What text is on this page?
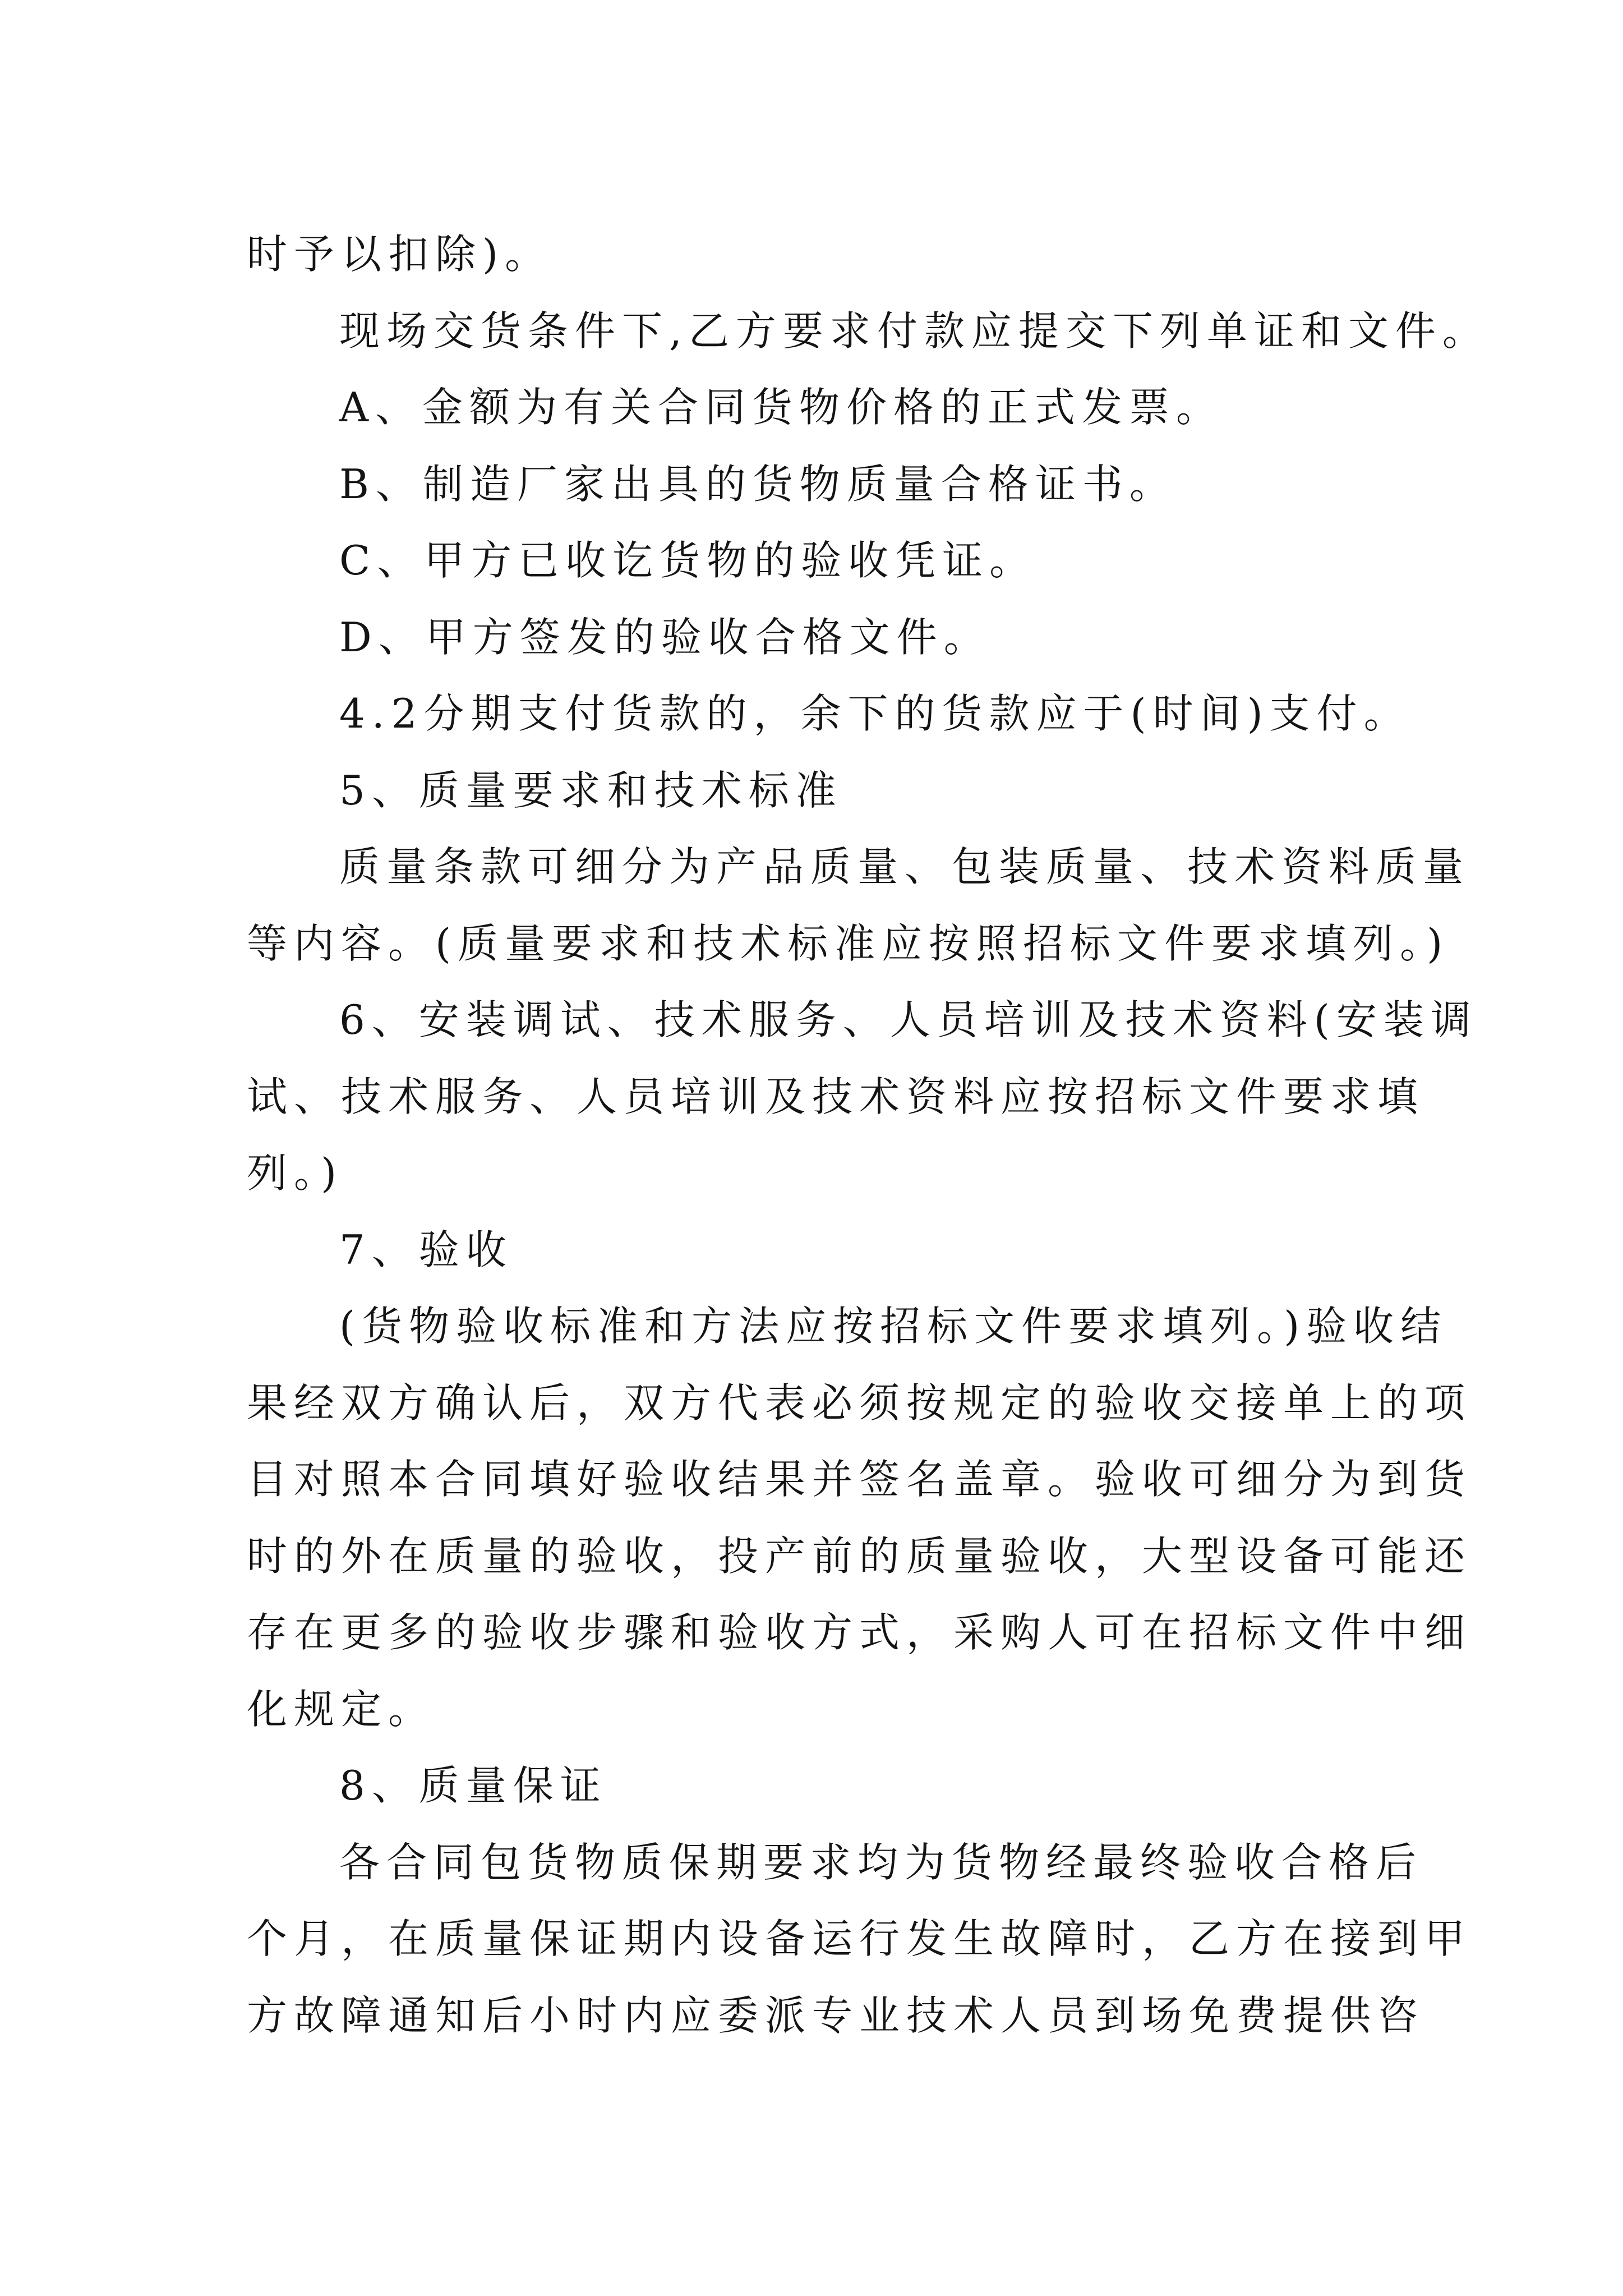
时予以扣除)。
现场交货条件下,乙方要求付款应提交下列单证和文件。
A、金额为有关合同货物价格的正式发票。
B、制造厂家出具的货物质量合格证书。
C、甲方已收讫货物的验收凭证。
D、甲方签发的验收合格文件。
4.2分期支付货款的，余下的货款应于(时间)支付。
5、质量要求和技术标准
质量条款可细分为产品质量、包装质量、技术资料质量
等内容。(质量要求和技术标准应按照招标文件要求填列。)
6、安装调试、技术服务、人员培训及技术资料(安装调
试、技术服务、人员培训及技术资料应按招标文件要求填
列。)
7、验收
(货物验收标准和方法应按招标文件要求填列。)验收结
果经双方确认后，双方代表必须按规定的验收交接单上的项
目对照本合同填好验收结果并签名盖章。验收可细分为到货
时的外在质量的验收，投产前的质量验收，大型设备可能还
存在更多的验收步骤和验收方式，采购人可在招标文件中细
化规定。
8、质量保证
各合同包货物质保期要求均为货物经最终验收合格后
个月，在质量保证期内设备运行发生故障时，乙方在接到甲
方故障通知后小时内应委派专业技术人员到场免费提供咨
